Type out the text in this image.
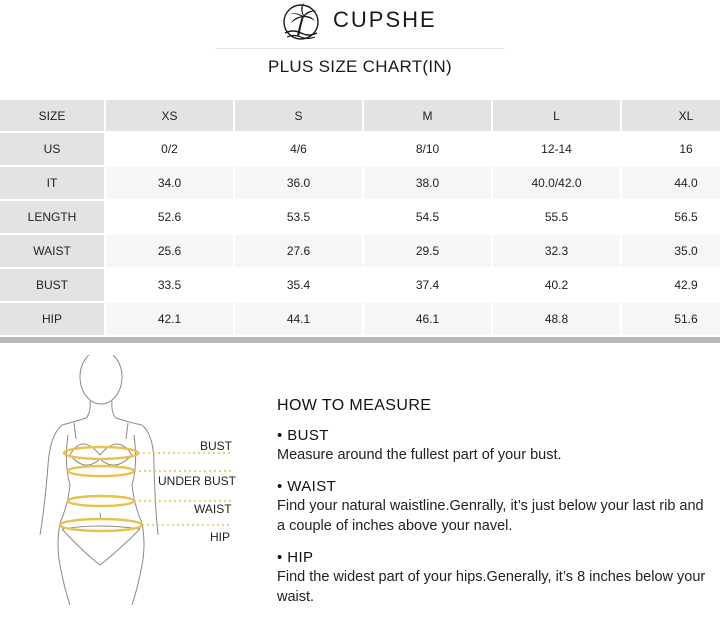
CUPSHE
PLUS SIZE CHART(IN)
SIZE	XS	S	M	L	XL
US	0/2	4/6	8/10	12-14	16
IT	34.0	36.0	38.0	40.0/42.0	44.0
LENGTH	52.6	53.5	54.5	55.5	56.5
WAIST	25.6	27.6	29.5	32.3	35.0
BUST	33.5	35.4	37.4	40.2	42.9
HIP	42.1	44.1	46.1	48.8	51.6
BUST
UNDER BUST
WAIST
HIP
HOW TO MEASURE
• BUST
Measure around the fullest part of your bust.
• WAIST
Find your natural waistline.Genrally, it’s just below your last rib and a couple of inches above your navel.
• HIP
Find the widest part of your hips.Generally, it’s 8 inches below your waist.
